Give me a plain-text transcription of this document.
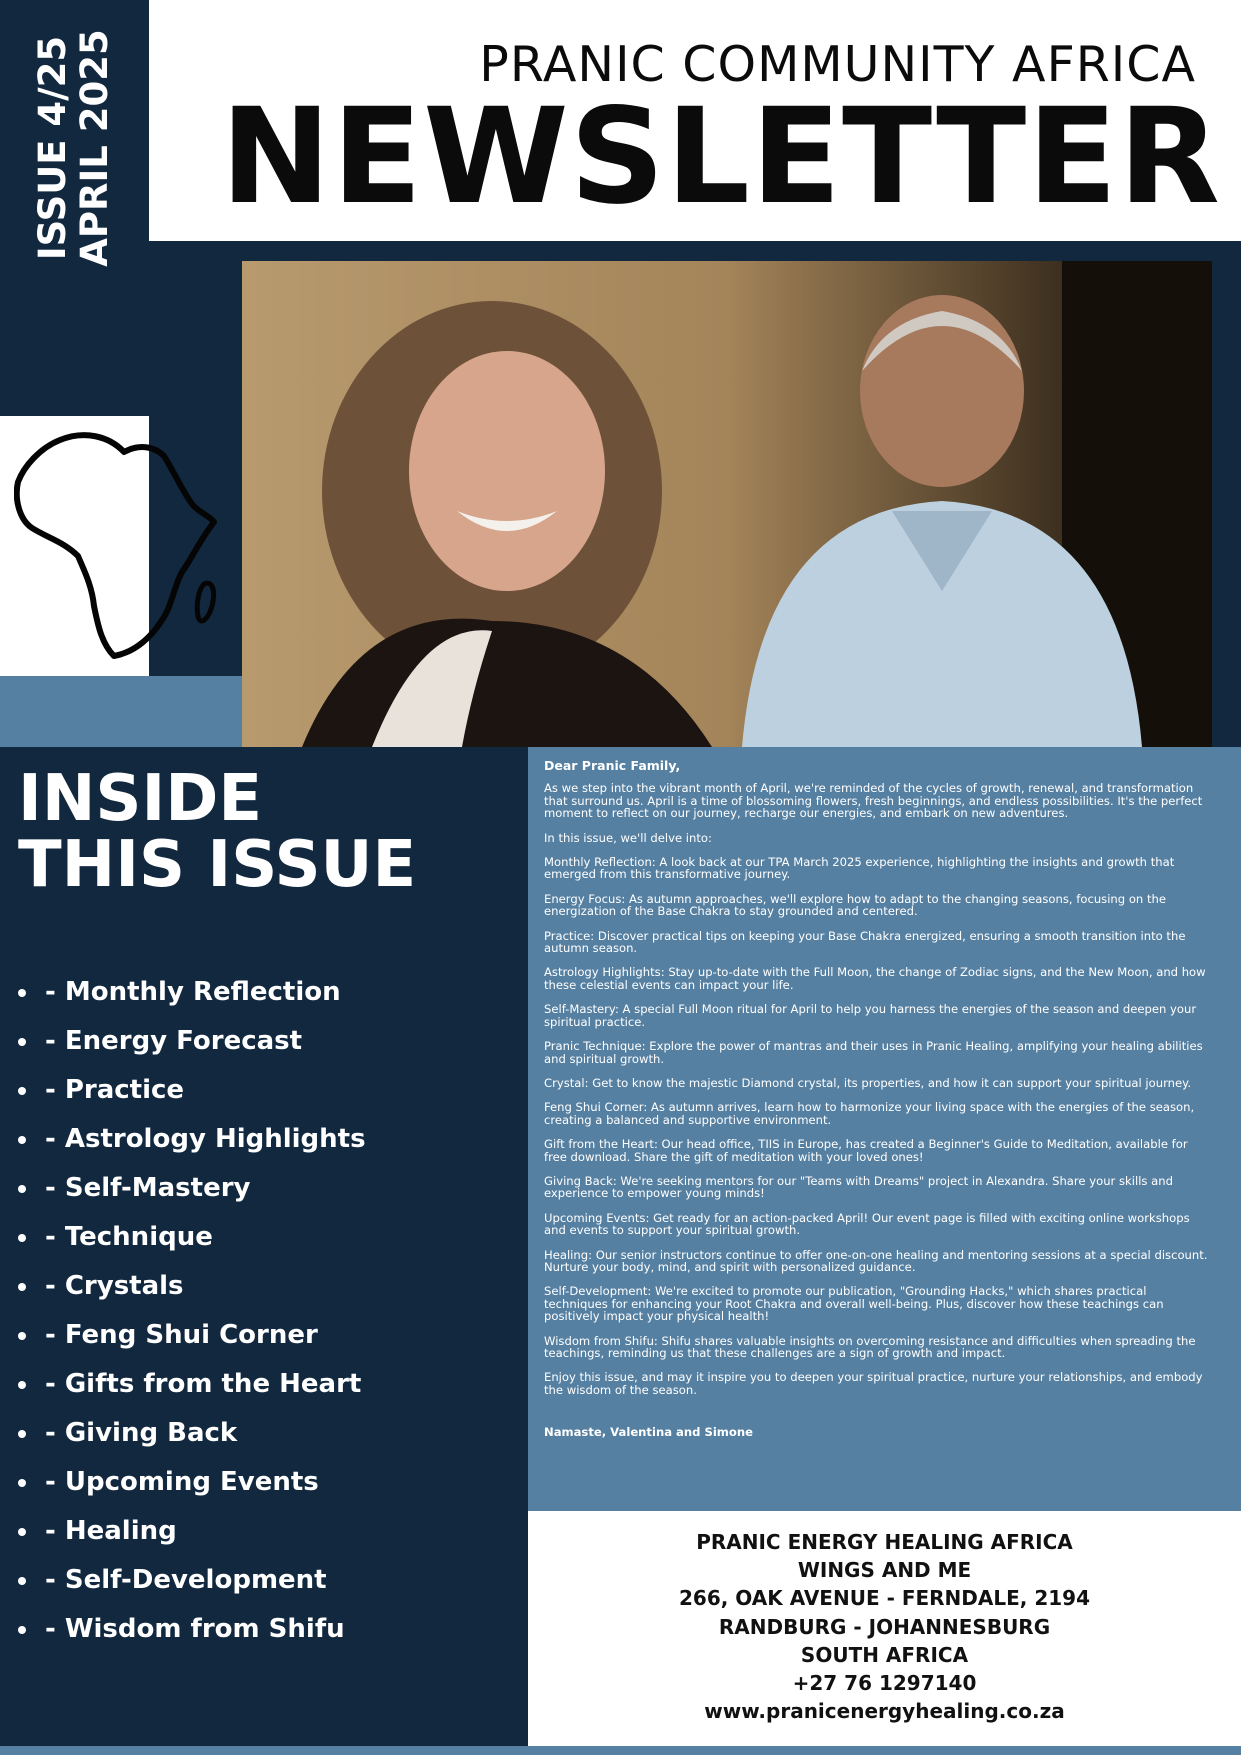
ISSUE 4/25 APRIL 2025	PRANIC COMMUNITY AFRICA
NEWSLETTER
INSIDE
THIS ISSUE
- Monthly Reflection
- Energy Forecast
- Practice
- Astrology Highlights
- Self-Mastery
- Technique
- Crystals
- Feng Shui Corner
- Gifts from the Heart
- Giving Back
- Upcoming Events
- Healing
- Self-Development
- Wisdom from Shifu

Dear Pranic Family,

As we step into the vibrant month of April, we're reminded of the cycles of growth, renewal, and transformation that surround us. April is a time of blossoming flowers, fresh beginnings, and endless possibilities. It's the perfect moment to reflect on our journey, recharge our energies, and embark on new adventures.

In this issue, we'll delve into:

Monthly Reflection: A look back at our TPA March 2025 experience, highlighting the insights and growth that emerged from this transformative journey.

Energy Focus: As autumn approaches, we'll explore how to adapt to the changing seasons, focusing on the energization of the Base Chakra to stay grounded and centered.

Practice: Discover practical tips on keeping your Base Chakra energized, ensuring a smooth transition into the autumn season.

Astrology Highlights: Stay up-to-date with the Full Moon, the change of Zodiac signs, and the New Moon, and how these celestial events can impact your life.

Self-Mastery: A special Full Moon ritual for April to help you harness the energies of the season and deepen your spiritual practice.

Pranic Technique: Explore the power of mantras and their uses in Pranic Healing, amplifying your healing abilities and spiritual growth.

Crystal: Get to know the majestic Diamond crystal, its properties, and how it can support your spiritual journey.

Feng Shui Corner: As autumn arrives, learn how to harmonize your living space with the energies of the season, creating a balanced and supportive environment.

Gift from the Heart: Our head office, TIIS in Europe, has created a Beginner's Guide to Meditation, available for free download. Share the gift of meditation with your loved ones!

Giving Back: We're seeking mentors for our "Teams with Dreams" project in Alexandra. Share your skills and experience to empower young minds!

Upcoming Events: Get ready for an action-packed April! Our event page is filled with exciting online workshops and events to support your spiritual growth.

Healing: Our senior instructors continue to offer one-on-one healing and mentoring sessions at a special discount. Nurture your body, mind, and spirit with personalized guidance.

Self-Development: We're excited to promote our publication, "Grounding Hacks," which shares practical techniques for enhancing your Root Chakra and overall well-being. Plus, discover how these teachings can positively impact your physical health!

Wisdom from Shifu: Shifu shares valuable insights on overcoming resistance and difficulties when spreading the teachings, reminding us that these challenges are a sign of growth and impact.

Enjoy this issue, and may it inspire you to deepen your spiritual practice, nurture your relationships, and embody the wisdom of the season.

Namaste, Valentina and Simone

PRANIC ENERGY HEALING AFRICA
WINGS AND ME
266, OAK AVENUE - FERNDALE, 2194
RANDBURG - JOHANNESBURG
SOUTH AFRICA
+27 76 1297140
www.pranicenergyhealing.co.za
